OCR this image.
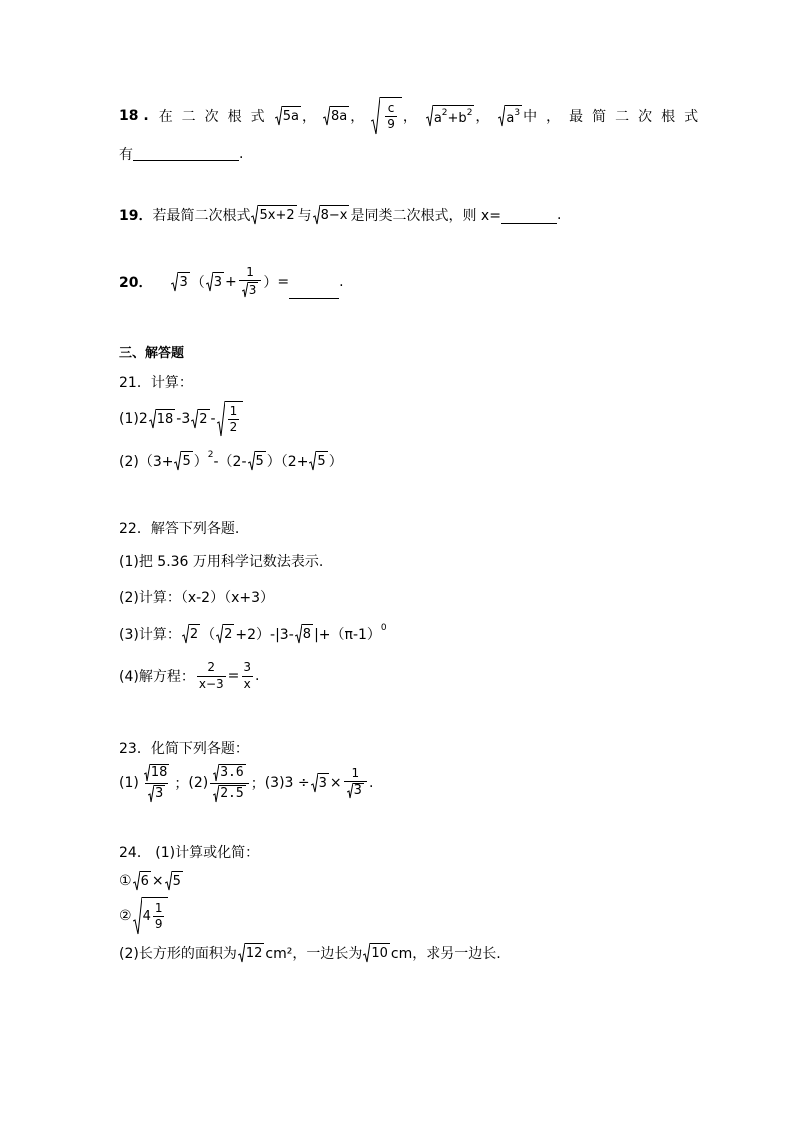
18 . 在二次根式 5a ， 8a ， $\frac{c}{9}$ ， a 2 +b 2 ， a 3 中，最简二次根式
有	.
19． 若最简二次根式 5x+2 与 8−x 是同类二次根式，则 x=	.
20． 3 （ $3 + \frac{1}{3}$ ） =	.
三、解答题
21．计算：
(1)2 18 -3 $2 - \frac{1}{2}$
(2)（3+ 5 ） 2 -（2- 5 ）（2+ 5 ）
22．解答下列各题.
(1)把 5.36 万用科学记数法表示.
(2)计算：（x-2）（x+3）
(3)计算： 2 （ 2 +2）-|3- 8 |+（π-1） 0
(4)解方程： $\frac{2}{x-3} = \frac{3}{x}$ .
23．化简下列各题：
$(1) \frac{18}{3}$ ； $(2) \frac{3.6}{2.5}$ ； $(3)3 \div 3 \times \frac{1}{3}$ .
24． (1)计算或化简：
① 6 × 5
② $4 \frac{1}{9}$
(2)长方形的面积为 12 cm²，一边长为 10 cm，求另一边长.
